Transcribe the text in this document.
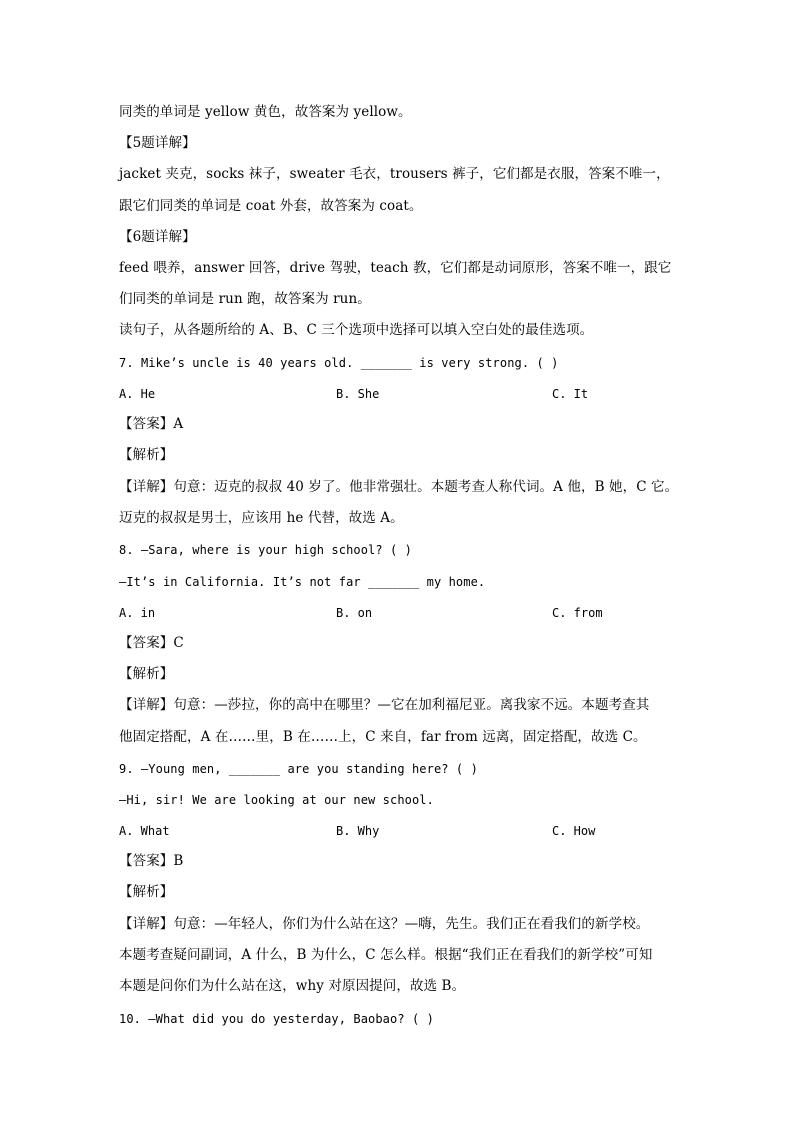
同类的单词是 yellow 黄色，故答案为 yellow。
【5题详解】
jacket 夹克，socks 袜子，sweater 毛衣，trousers 裤子，它们都是衣服，答案不唯一，
跟它们同类的单词是 coat 外套，故答案为 coat。
【6题详解】
feed 喂养，answer 回答，drive 驾驶，teach 教，它们都是动词原形，答案不唯一，跟它
们同类的单词是 run 跑，故答案为 run。
读句子，从各题所给的 A、B、C 三个选项中选择可以填入空白处的最佳选项。
7. Mike’s uncle is 40 years old. _______ is very strong. ( )
A. He	B. She	C. It
【答案】A
【解析】
【详解】句意：迈克的叔叔 40 岁了。他非常强壮。本题考查人称代词。A 他，B 她，C 它。
迈克的叔叔是男士，应该用 he 代替，故选 A。
8. —Sara, where is your high school? ( )
—It’s in California. It’s not far _______ my home.
A. in	B. on	C. from
【答案】C
【解析】
【详解】句意：—莎拉，你的高中在哪里？—它在加利福尼亚。离我家不远。本题考查其
他固定搭配，A 在……里，B 在……上，C 来自，far from 远离，固定搭配，故选 C。
9. —Young men, _______ are you standing here? ( )
—Hi, sir! We are looking at our new school.
A. What	B. Why	C. How
【答案】B
【解析】
【详解】句意：—年轻人，你们为什么站在这？—嗨，先生。我们正在看我们的新学校。
本题考查疑问副词，A 什么，B 为什么，C 怎么样。根据“我们正在看我们的新学校”可知
本题是问你们为什么站在这，why 对原因提问，故选 B。
10. —What did you do yesterday, Baobao? ( )
